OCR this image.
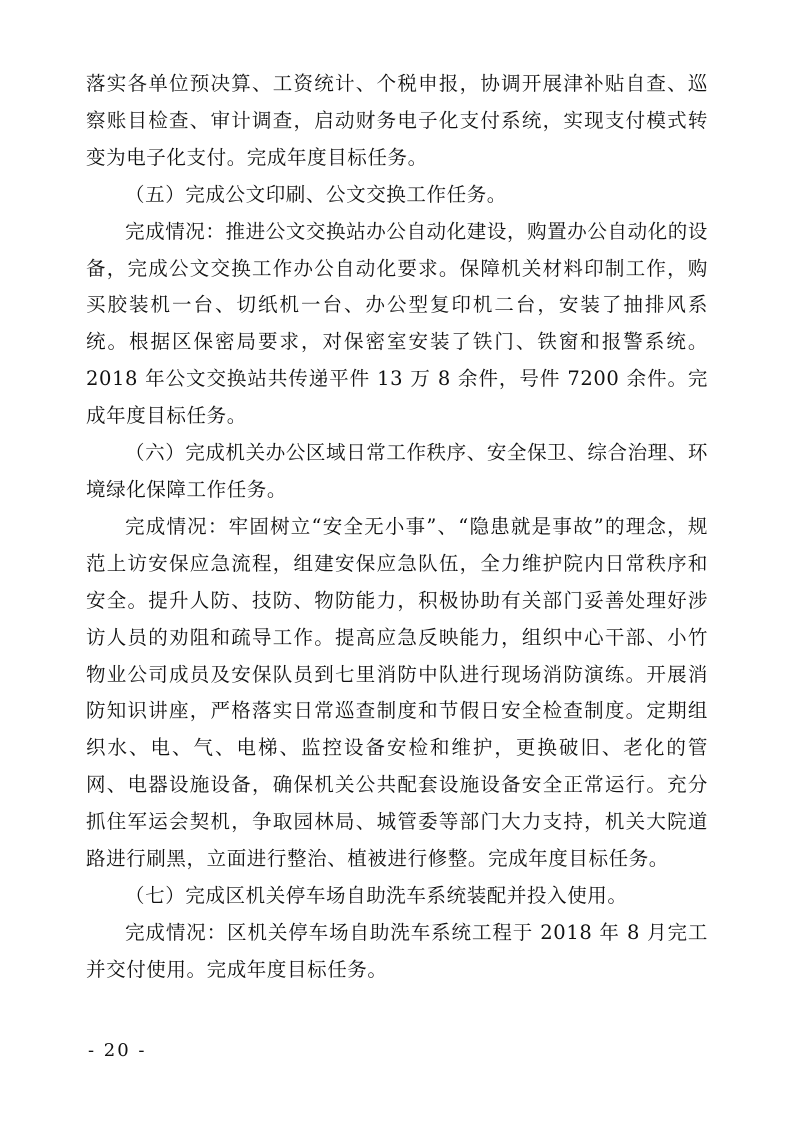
落实各单位预决算、工资统计、个税申报，协调开展津补贴自查、巡察账目检查、审计调查，启动财务电子化支付系统，实现支付模式转变为电子化支付。完成年度目标任务。

（五）完成公文印刷、公文交换工作任务。

完成情况：推进公文交换站办公自动化建设，购置办公自动化的设备，完成公文交换工作办公自动化要求。保障机关材料印制工作，购买胶装机一台、切纸机一台、办公型复印机二台，安装了抽排风系统。根据区保密局要求，对保密室安装了铁门、铁窗和报警系统。2018 年公文交换站共传递平件 13 万 8 余件，号件 7200 余件。完成年度目标任务。

（六）完成机关办公区域日常工作秩序、安全保卫、综合治理、环境绿化保障工作任务。

完成情况：牢固树立“安全无小事”、“隐患就是事故”的理念，规范上访安保应急流程，组建安保应急队伍，全力维护院内日常秩序和安全。提升人防、技防、物防能力，积极协助有关部门妥善处理好涉访人员的劝阻和疏导工作。提高应急反映能力，组织中心干部、小竹物业公司成员及安保队员到七里消防中队进行现场消防演练。开展消防知识讲座，严格落实日常巡查制度和节假日安全检查制度。定期组织水、电、气、电梯、监控设备安检和维护，更换破旧、老化的管网、电器设施设备，确保机关公共配套设施设备安全正常运行。充分抓住军运会契机，争取园林局、城管委等部门大力支持，机关大院道路进行刷黑，立面进行整治、植被进行修整。完成年度目标任务。

（七）完成区机关停车场自助洗车系统装配并投入使用。

完成情况：区机关停车场自助洗车系统工程于 2018 年 8 月完工并交付使用。完成年度目标任务。

- 20 -
